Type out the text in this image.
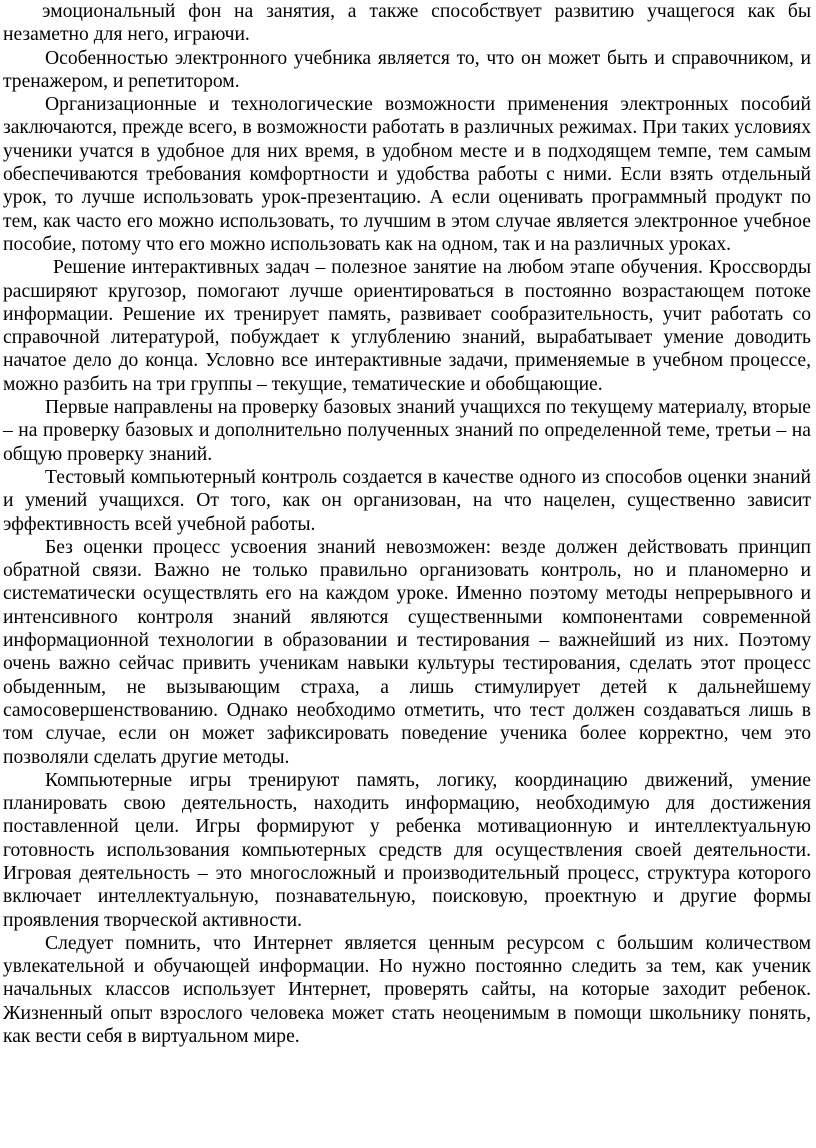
эмоциональный фон на занятия, а также способствует развитию учащегося как бы незаметно для него, играючи.

Особенностью электронного учебника является то, что он может быть и справочником, и тренажером, и репетитором.

Организационные и технологические возможности применения электронных пособий заключаются, прежде всего, в возможности работать в различных режимах. При таких условиях ученики учатся в удобное для них время, в удобном месте и в подходящем темпе, тем самым обеспечиваются требования комфортности и удобства работы с ними. Если взять отдельный урок, то лучше использовать урок-презентацию. А если оценивать программный продукт по тем, как часто его можно использовать, то лучшим в этом случае является электронное учебное пособие, потому что его можно использовать как на одном, так и на различных уроках.

Решение интерактивных задач – полезное занятие на любом этапе обучения. Кроссворды расширяют кругозор, помогают лучше ориентироваться в постоянно возрастающем потоке информации. Решение их тренирует память, развивает сообразительность, учит работать со справочной литературой, побуждает к углублению знаний, вырабатывает умение доводить начатое дело до конца. Условно все интерактивные задачи, применяемые в учебном процессе, можно разбить на три группы – текущие, тематические и обобщающие.

Первые направлены на проверку базовых знаний учащихся по текущему материалу, вторые – на проверку базовых и дополнительно полученных знаний по определенной теме, третьи – на общую проверку знаний.

Тестовый компьютерный контроль создается в качестве одного из способов оценки знаний и умений учащихся. От того, как он организован, на что нацелен, существенно зависит эффективность всей учебной работы.

Без оценки процесс усвоения знаний невозможен: везде должен действовать принцип обратной связи. Важно не только правильно организовать контроль, но и планомерно и систематически осуществлять его на каждом уроке. Именно поэтому методы непрерывного и интенсивного контроля знаний являются существенными компонентами современной информационной технологии в образовании и тестирования – важнейший из них. Поэтому очень важно сейчас привить ученикам навыки культуры тестирования, сделать этот процесс обыденным, не вызывающим страха, а лишь стимулирует детей к дальнейшему самосовершенствованию. Однако необходимо отметить, что тест должен создаваться лишь в том случае, если он может зафиксировать поведение ученика более корректно, чем это позволяли сделать другие методы.

Компьютерные игры тренируют память, логику, координацию движений, умение планировать свою деятельность, находить информацию, необходимую для достижения поставленной цели. Игры формируют у ребенка мотивационную и интеллектуальную готовность использования компьютерных средств для осуществления своей деятельности. Игровая деятельность – это многосложный и производительный процесс, структура которого включает интеллектуальную, познавательную, поисковую, проектную и другие формы проявления творческой активности.

Следует помнить, что Интернет является ценным ресурсом с большим количеством увлекательной и обучающей информации. Но нужно постоянно следить за тем, как ученик начальных классов использует Интернет, проверять сайты, на которые заходит ребенок. Жизненный опыт взрослого человека может стать неоценимым в помощи школьнику понять, как вести себя в виртуальном мире.
